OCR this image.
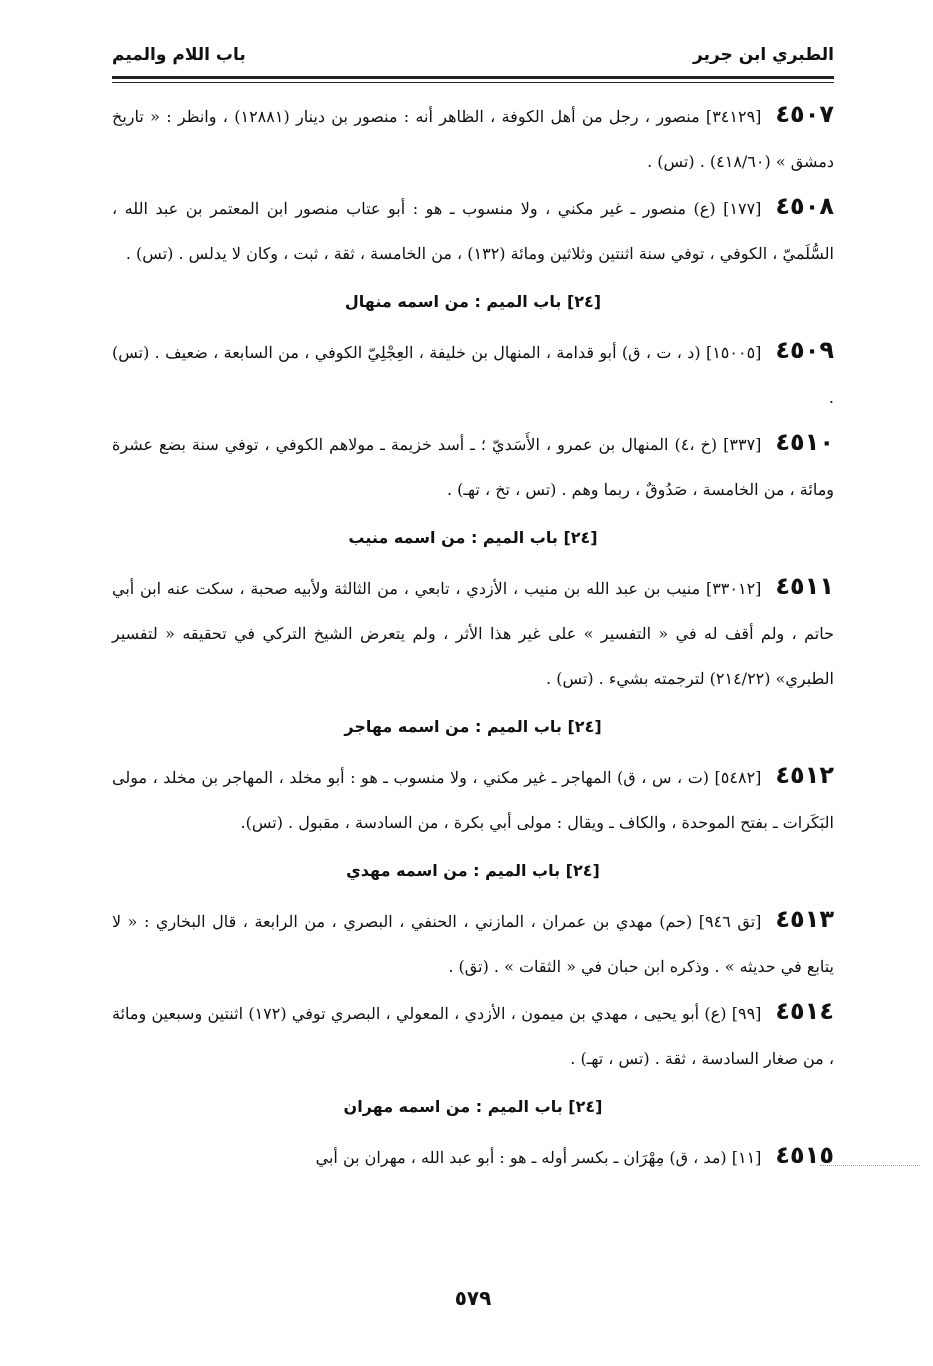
الطبري ابن جرير
باب اللام والميم
٤٥٠٧[٣٤١٢٩] منصور ، رجل من أهل الكوفة ، الظاهر أنه : منصور بن دينار (١٢٨٨١) ، وانظر : « تاريخ دمشق » (٤١٨/٦٠) . (تس) .
٤٥٠٨[١٧٧] (ع) منصور ـ غير مكني ، ولا منسوب ـ هو : أبو عتاب منصور ابن المعتمر بن عبد الله ، السُّلَميّ ، الكوفي ، توفي سنة اثنتين وثلاثين ومائة (١٣٢) ، من الخامسة ، ثقة ، ثبت ، وكان لا يدلس . (تس) .
[٢٤] باب الميم : من اسمه منهال
٤٥٠٩[١٥٠٠٥] (د ، ت ، ق) أبو قدامة ، المنهال بن خليفة ، العِجْلِيّ الكوفي ، من السابعة ، ضعيف . (تس) .
٤٥١٠[٣٣٧] (خ ،٤) المنهال بن عمرو ، الأَسَديّ ؛ ـ أسد خزيمة ـ مولاهم الكوفي ، توفي سنة بضع عشرة ومائة ، من الخامسة ، صَدُوقٌ ، ربما وهم . (تس ، تخ ، تهـ) .
[٢٤] باب الميم : من اسمه منيب
٤٥١١[٣٣٠١٢] منيب بن عبد الله بن منيب ، الأزدي ، تابعي ، من الثالثة ولأبيه صحبة ، سكت عنه ابن أبي حاتم ، ولم أقف له في « التفسير » على غير هذا الأثر ، ولم يتعرض الشيخ التركي في تحقيقه « لتفسير الطبري» (٢١٤/٢٢) لترجمته بشيء . (تس) .
[٢٤] باب الميم : من اسمه مهاجر
٤٥١٢[٥٤٨٢] (ت ، س ، ق) المهاجر ـ غير مكني ، ولا منسوب ـ هو : أبو مخلد ، المهاجر بن مخلد ، مولى البَكَرات ـ بفتح الموحدة ، والكاف ـ ويقال : مولى أبي بكرة ، من السادسة ، مقبول . (تس).
[٢٤] باب الميم : من اسمه مهدي
٤٥١٣[تق ٩٤٦] (حم) مهدي بن عمران ، المازني ، الحنفي ، البصري ، من الرابعة ، قال البخاري : « لا يتابع في حديثه » . وذكره ابن حبان في « الثقات » . (تق) .
٤٥١٤[٩٩] (ع) أبو يحيى ، مهدي بن ميمون ، الأزدي ، المعولي ، البصري توفي (١٧٢) اثنتين وسبعين ومائة ، من صغار السادسة ، ثقة . (تس ، تهـ) .
[٢٤] باب الميم : من اسمه مهران
٤٥١٥[١١] (مد ، ق) مِهْرَان ـ بكسر أوله ـ هو : أبو عبد الله ، مهران بن أبي
٥٧٩
